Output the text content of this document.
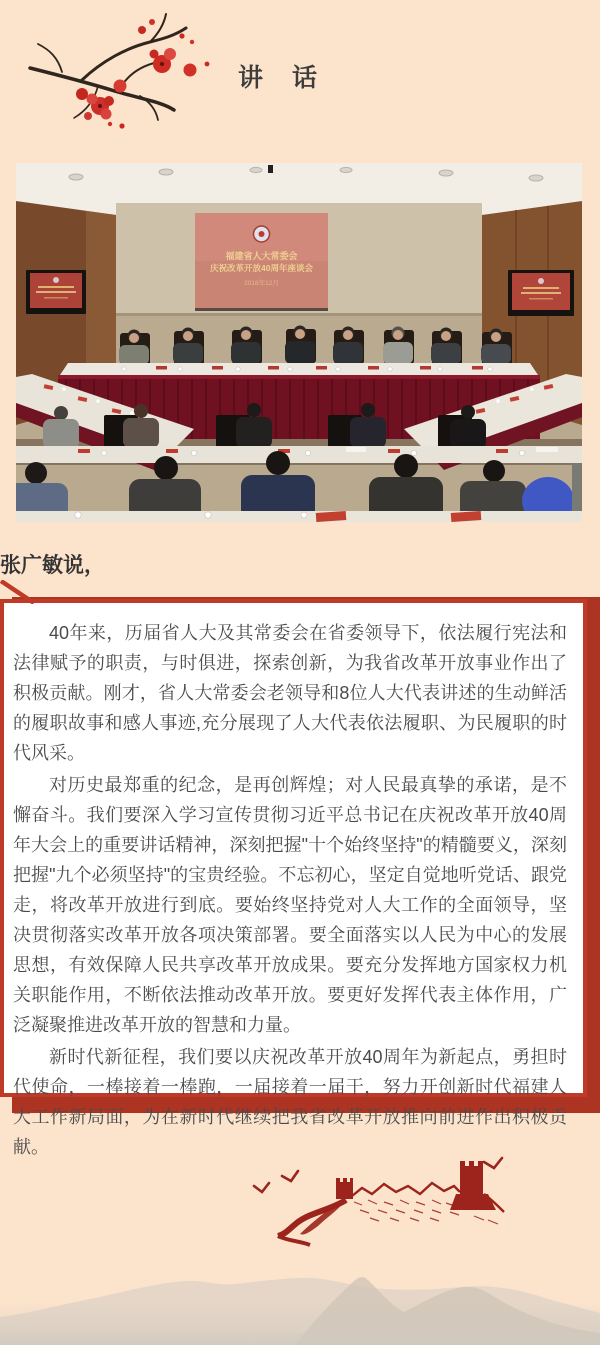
讲　话
福建省人大常委会
庆祝改革开放40周年座谈会
2018年12月

张广敏说，

40年来，历届省人大及其常委会在省委领导下，依法履行宪法和法律赋予的职责，与时俱进，探索创新，为我省改革开放事业作出了积极贡献。刚才，省人大常委会老领导和8位人大代表讲述的生动鲜活的履职故事和感人事迹,充分展现了人大代表依法履职、为民履职的时代风采。

对历史最郑重的纪念，是再创辉煌；对人民最真挚的承诺，是不懈奋斗。我们要深入学习宣传贯彻习近平总书记在庆祝改革开放40周年大会上的重要讲话精神，深刻把握"十个始终坚持"的精髓要义，深刻把握"九个必须坚持"的宝贵经验。不忘初心，坚定自觉地听党话、跟党走，将改革开放进行到底。要始终坚持党对人大工作的全面领导，坚决贯彻落实改革开放各项决策部署。要全面落实以人民为中心的发展思想，有效保障人民共享改革开放成果。要充分发挥地方国家权力机关职能作用，不断依法推动改革开放。要更好发挥代表主体作用，广泛凝聚推进改革开放的智慧和力量。

新时代新征程，我们要以庆祝改革开放40周年为新起点，勇担时代使命，一棒接着一棒跑，一届接着一届干，努力开创新时代福建人大工作新局面，为在新时代继续把我省改革开放推向前进作出积极贡献。
